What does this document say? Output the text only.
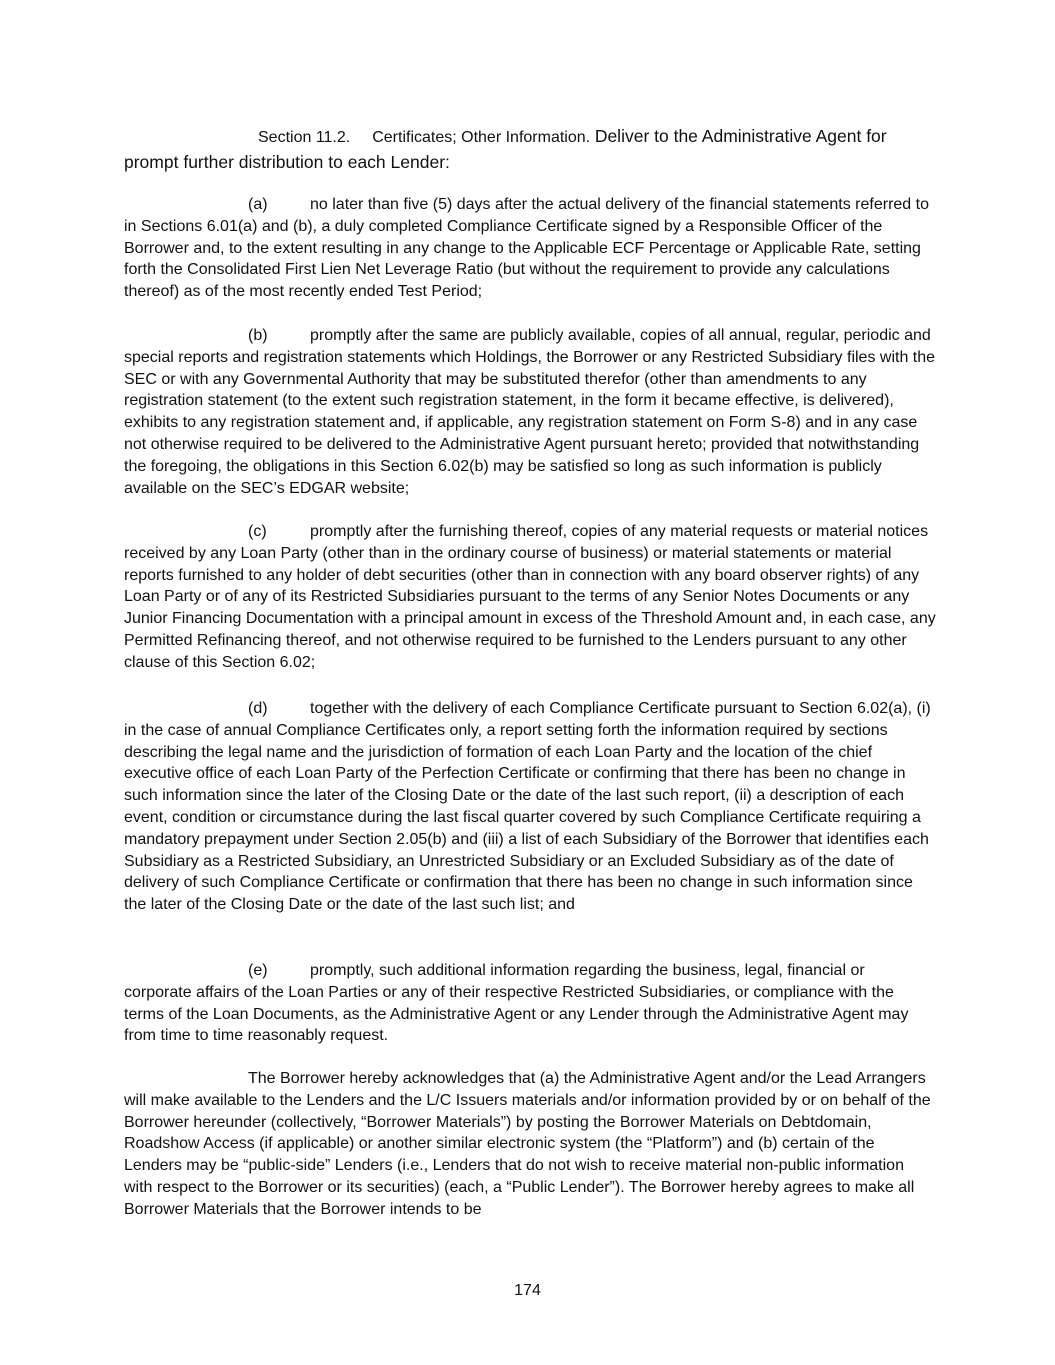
Section 11.2. Certificates; Other Information. Deliver to the Administrative Agent for prompt further distribution to each Lender:

(a)	no later than five (5) days after the actual delivery of the financial statements referred to in Sections 6.01(a) and (b), a duly completed Compliance Certificate signed by a Responsible Officer of the Borrower and, to the extent resulting in any change to the Applicable ECF Percentage or Applicable Rate, setting forth the Consolidated First Lien Net Leverage Ratio (but without the requirement to provide any calculations thereof) as of the most recently ended Test Period;

(b)	promptly after the same are publicly available, copies of all annual, regular, periodic and special reports and registration statements which Holdings, the Borrower or any Restricted Subsidiary files with the SEC or with any Governmental Authority that may be substituted therefor (other than amendments to any registration statement (to the extent such registration statement, in the form it became effective, is delivered), exhibits to any registration statement and, if applicable, any registration statement on Form S-8) and in any case not otherwise required to be delivered to the Administrative Agent pursuant hereto; provided that notwithstanding the foregoing, the obligations in this Section 6.02(b) may be satisfied so long as such information is publicly available on the SEC’s EDGAR website;

(c)	promptly after the furnishing thereof, copies of any material requests or material notices received by any Loan Party (other than in the ordinary course of business) or material statements or material reports furnished to any holder of debt securities (other than in connection with any board observer rights) of any Loan Party or of any of its Restricted Subsidiaries pursuant to the terms of any Senior Notes Documents or any Junior Financing Documentation with a principal amount in excess of the Threshold Amount and, in each case, any Permitted Refinancing thereof, and not otherwise required to be furnished to the Lenders pursuant to any other clause of this Section 6.02;

(d)	together with the delivery of each Compliance Certificate pursuant to Section 6.02(a), (i) in the case of annual Compliance Certificates only, a report setting forth the information required by sections describing the legal name and the jurisdiction of formation of each Loan Party and the location of the chief executive office of each Loan Party of the Perfection Certificate or confirming that there has been no change in such information since the later of the Closing Date or the date of the last such report, (ii) a description of each event, condition or circumstance during the last fiscal quarter covered by such Compliance Certificate requiring a mandatory prepayment under Section 2.05(b) and (iii) a list of each Subsidiary of the Borrower that identifies each Subsidiary as a Restricted Subsidiary, an Unrestricted Subsidiary or an Excluded Subsidiary as of the date of delivery of such Compliance Certificate or confirmation that there has been no change in such information since the later of the Closing Date or the date of the last such list; and

(e)	promptly, such additional information regarding the business, legal, financial or corporate affairs of the Loan Parties or any of their respective Restricted Subsidiaries, or compliance with the terms of the Loan Documents, as the Administrative Agent or any Lender through the Administrative Agent may from time to time reasonably request.

The Borrower hereby acknowledges that (a) the Administrative Agent and/or the Lead Arrangers will make available to the Lenders and the L/C Issuers materials and/or information provided by or on behalf of the Borrower hereunder (collectively, “Borrower Materials”) by posting the Borrower Materials on Debtdomain, Roadshow Access (if applicable) or another similar electronic system (the “Platform”) and (b) certain of the Lenders may be “public-side” Lenders (i.e., Lenders that do not wish to receive material non-public information with respect to the Borrower or its securities) (each, a “Public Lender”). The Borrower hereby agrees to make all Borrower Materials that the Borrower intends to be

174
